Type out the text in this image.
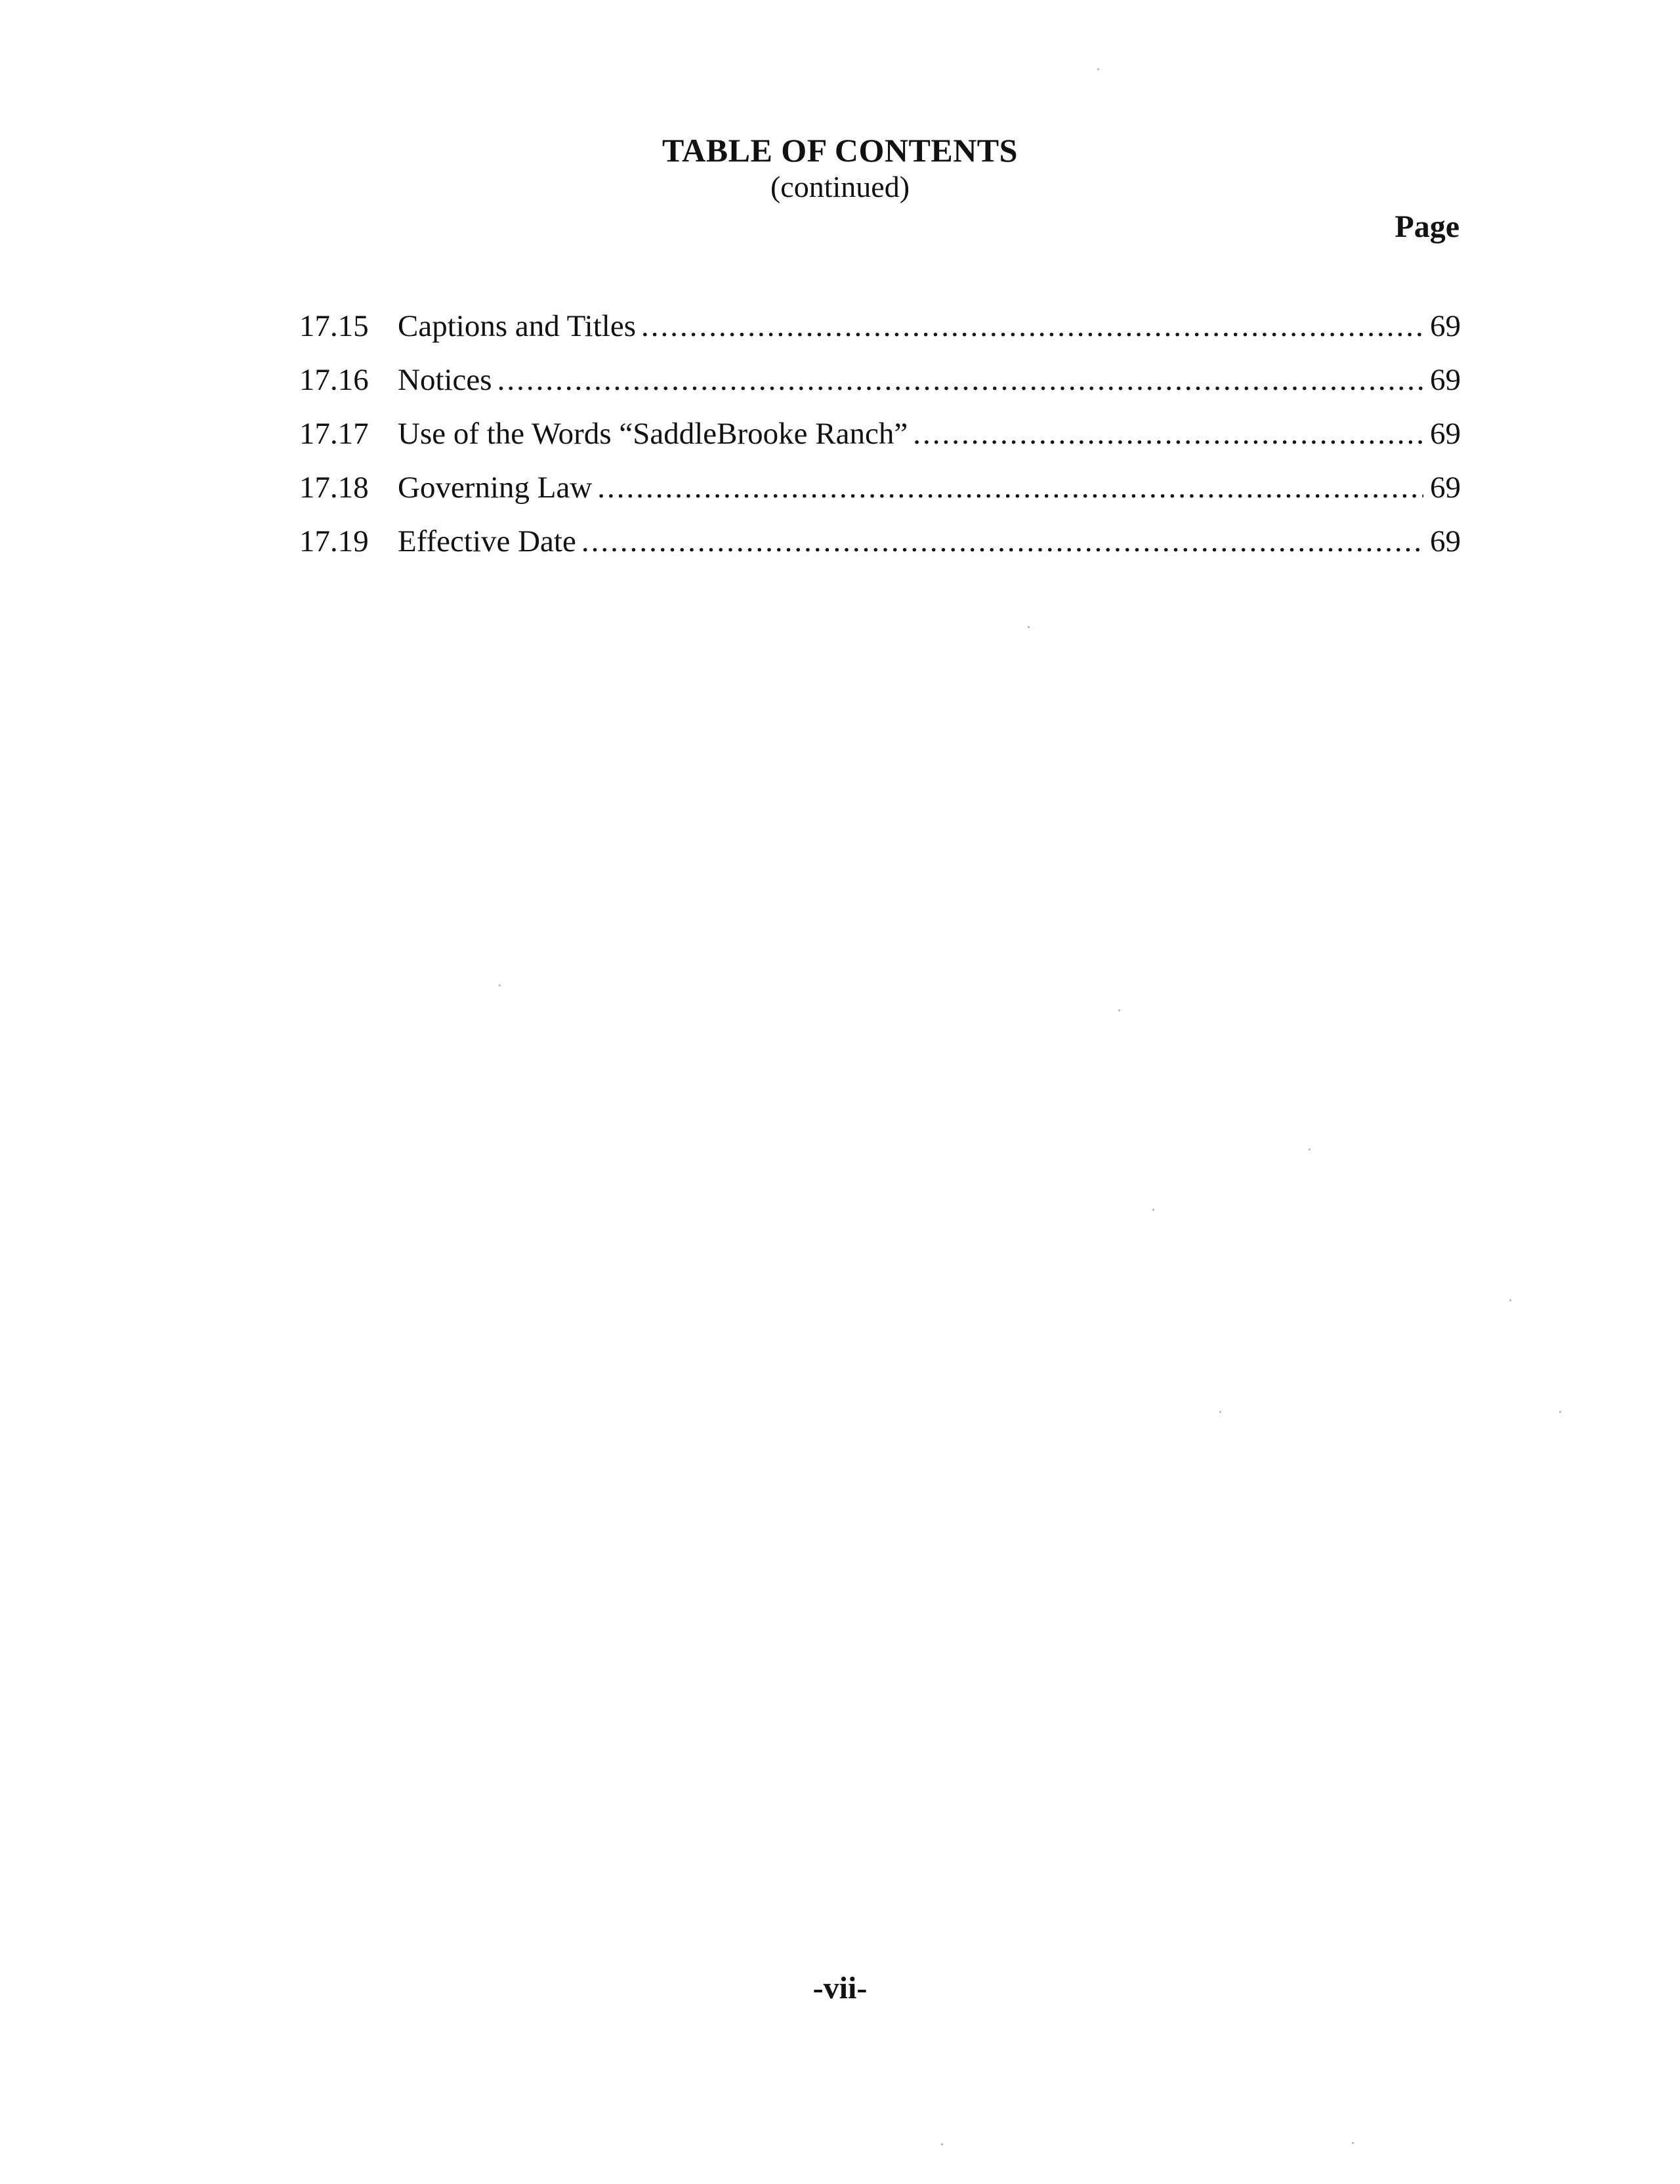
TABLE OF CONTENTS
(continued)
Page
17.15 Captions and Titles .....	69
17.16 Notices .....	69
17.17 Use of the Words “SaddleBrooke Ranch” .....	69
17.18 Governing Law .....	69
17.19 Effective Date .....	69
-vii-
